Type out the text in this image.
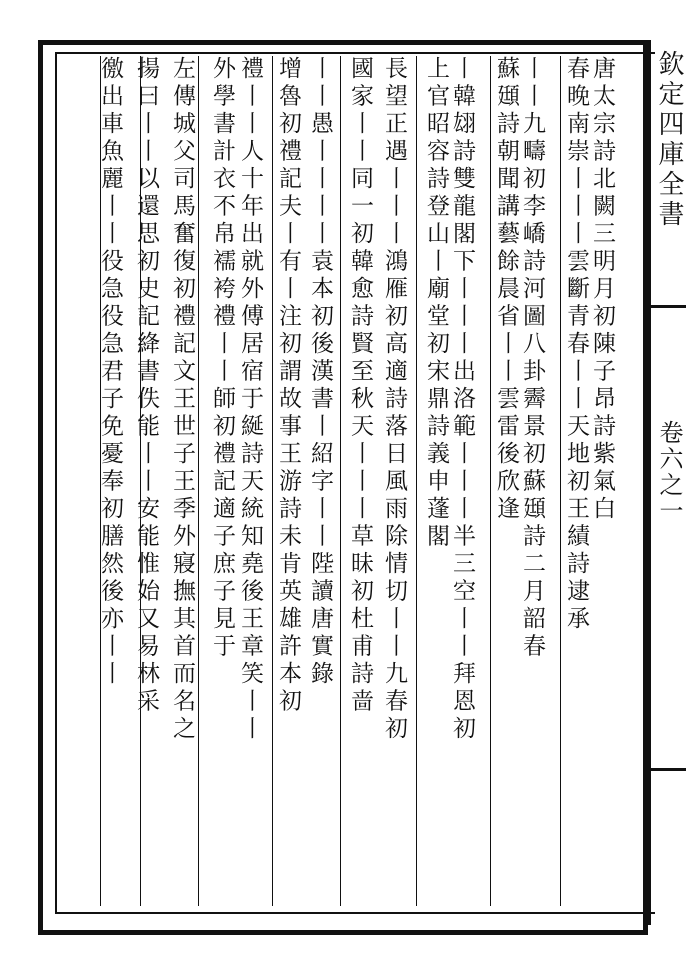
欽定四庫全書
卷六之一
唐太宗詩北闕三明月初陳子昂詩紫氣白
春晚南崇丨丨丨雲斷青春丨丨天地初王績詩逮承
丨丨九疇初李嶠詩河圖八卦霽景初蘇頲詩二月韶春
蘇頲詩朝聞講藝餘晨省丨丨雲雷後欣逢
丨韓翃詩雙龍閣下丨丨丨出洛範丨丨丨半三空丨丨拜恩初
上官昭容詩登山丨廟堂初宋鼎詩義申蓬閣
長望正遇丨丨丨鴻雁初高適詩落日風雨除情切丨丨九春初
國家丨丨同一初韓愈詩賢至秋天丨丨丨草昧初杜甫詩啬
丨丨愚丨丨丨丨袁本初後漢書丨紹字丨丨陛讀唐實錄
增魯初禮記夫丨有丨注初謂故事王游詩未肯英雄許本初
禮丨丨人十年出就外傅居宿于綖詩天統知堯後王章笑丨丨
外學書計衣不帛襦袴禮丨丨師初禮記適子庶子見于
左傳城父司馬奮復初禮記文王世子王季外寢撫其首而名之
揚曰丨丨以還思初史記絳書佚能丨丨安能惟始又易林采
徼出車魚麗丨丨役急役急君子免憂奉初膳然後亦丨丨
